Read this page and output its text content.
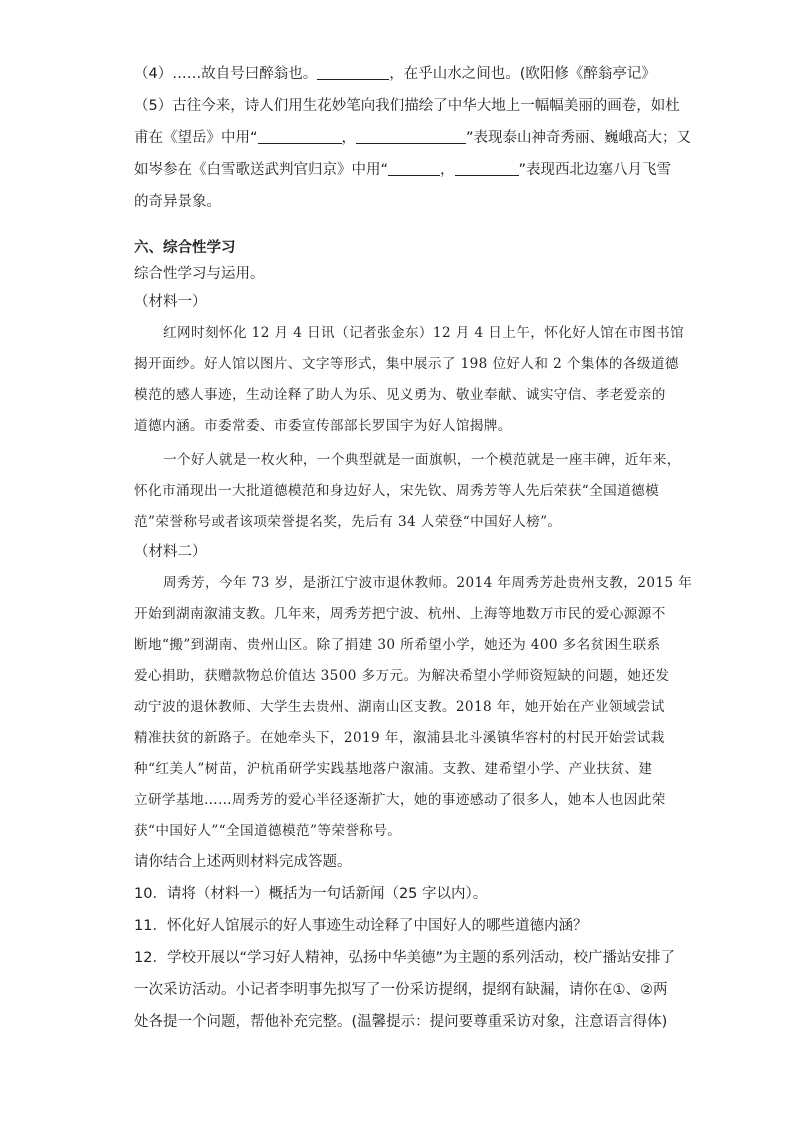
（4）……故自号曰醉翁也。	，在乎山水之间也。(欧阳修《醉翁亭记》
（5）古往今来，诗人们用生花妙笔向我们描绘了中华大地上一幅幅美丽的画卷，如杜
甫在《望岳》中用“	，	”表现泰山神奇秀丽、巍峨高大；又
如岑参在《白雪歌送武判官归京》中用“	，	”表现西北边塞八月飞雪
的奇异景象。
六、综合性学习
综合性学习与运用。
（材料一）
红网时刻怀化 12 月 4 日讯（记者张金东）12 月 4 日上午，怀化好人馆在市图书馆
揭开面纱。好人馆以图片、文字等形式，集中展示了 198 位好人和 2 个集体的各级道德
模范的感人事迹，生动诠释了助人为乐、见义勇为、敬业奉献、诚实守信、孝老爱亲的
道德内涵。市委常委、市委宣传部部长罗国宇为好人馆揭牌。
一个好人就是一枚火种，一个典型就是一面旗帜，一个模范就是一座丰碑，近年来，
怀化市涌现出一大批道德模范和身边好人，宋先钦、周秀芳等人先后荣获“全国道德模
范”荣誉称号或者该项荣誉提名奖，先后有 34 人荣登“中国好人榜”。
（材料二）
周秀芳，今年 73 岁，是浙江宁波市退休教师。2014 年周秀芳赴贵州支教，2015 年
开始到湖南溆浦支教。几年来，周秀芳把宁波、杭州、上海等地数万市民的爱心源源不
断地“搬”到湖南、贵州山区。除了捐建 30 所希望小学，她还为 400 多名贫困生联系
爱心捐助，获赠款物总价值达 3500 多万元。为解决希望小学师资短缺的问题，她还发
动宁波的退休教师、大学生去贵州、湖南山区支教。2018 年，她开始在产业领域尝试
精准扶贫的新路子。在她牵头下，2019 年，溆浦县北斗溪镇华容村的村民开始尝试栽
种“红美人”树苗，沪杭甬研学实践基地落户溆浦。支教、建希望小学、产业扶贫、建
立研学基地……周秀芳的爱心半径逐渐扩大，她的事迹感动了很多人，她本人也因此荣
获“中国好人”“全国道德模范”等荣誉称号。
请你结合上述两则材料完成答题。
10．请将（材料一）概括为一句话新闻（25 字以内）。
11．怀化好人馆展示的好人事迹生动诠释了中国好人的哪些道德内涵？
12．学校开展以“学习好人精神，弘扬中华美德”为主题的系列活动，校广播站安排了
一次采访活动。小记者李明事先拟写了一份采访提纲，提纲有缺漏，请你在①、②两
处各提一个问题，帮他补充完整。(温馨提示：提问要尊重采访对象，注意语言得体)
